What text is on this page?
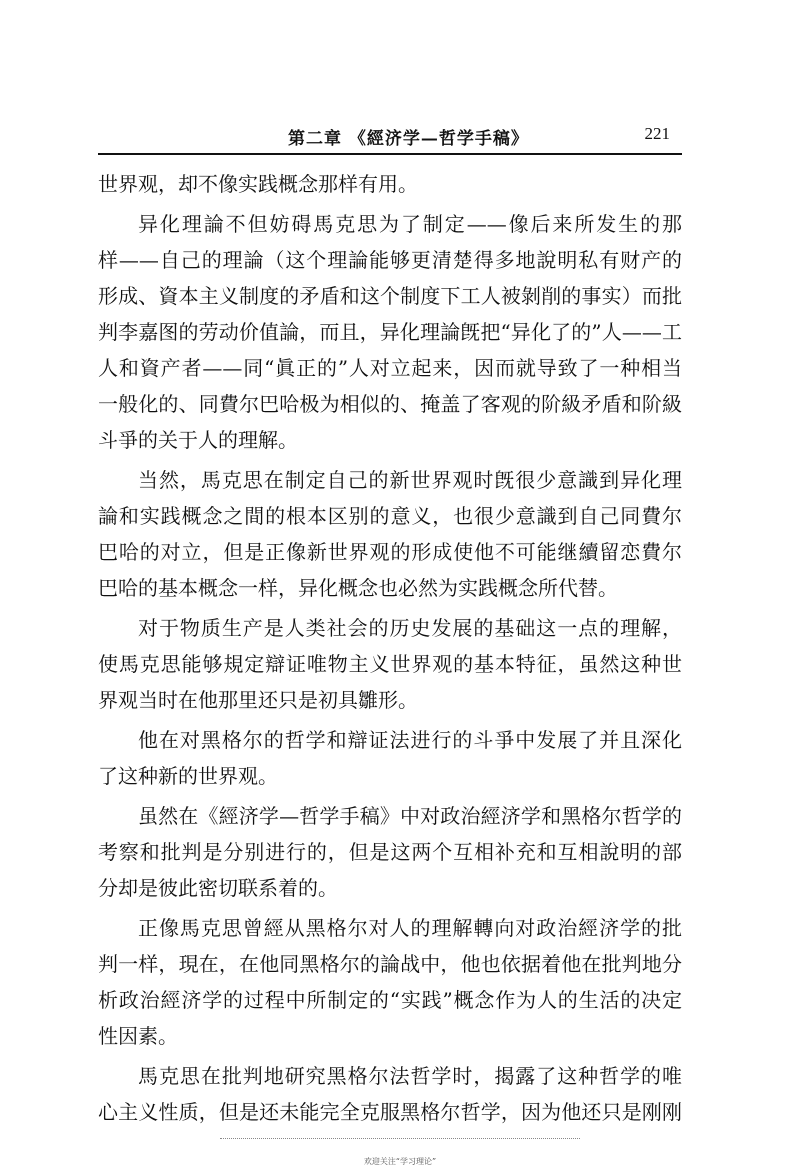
第二章 《經济学—哲学手稿》	221
世界观，却不像实践概念那样有用。
异化理論不但妨碍馬克思为了制定——像后来所发生的那
样——自己的理論（这个理論能够更清楚得多地說明私有财产的
形成、資本主义制度的矛盾和这个制度下工人被剝削的事实）而批
判李嘉图的劳动价值論，而且，异化理論旣把“异化了的”人——工
人和資产者——同“眞正的”人对立起来，因而就导致了一种相当
一般化的、同費尔巴哈极为相似的、掩盖了客观的阶級矛盾和阶級
斗爭的关于人的理解。
当然，馬克思在制定自己的新世界观时旣很少意識到异化理
論和实践概念之間的根本区别的意义，也很少意識到自己同費尔
巴哈的对立，但是正像新世界观的形成使他不可能继續留恋費尔
巴哈的基本概念一样，异化概念也必然为实践概念所代替。
对于物质生产是人类社会的历史发展的基础这一点的理解，
使馬克思能够規定辯证唯物主义世界观的基本特征，虽然这种世
界观当时在他那里还只是初具雛形。
他在对黑格尔的哲学和辯证法进行的斗爭中发展了并且深化
了这种新的世界观。
虽然在《經济学—哲学手稿》中对政治經济学和黑格尔哲学的
考察和批判是分别进行的，但是这两个互相补充和互相說明的部
分却是彼此密切联系着的。
正像馬克思曾經从黑格尔对人的理解轉向对政治經济学的批
判一样，現在，在他同黑格尔的論战中，他也依据着他在批判地分
析政治經济学的过程中所制定的“实践”概念作为人的生活的决定
性因素。
馬克思在批判地研究黑格尔法哲学时，揭露了这种哲学的唯
心主义性质，但是还未能完全克服黑格尔哲学，因为他还只是刚刚
欢迎关注“学习理论”
